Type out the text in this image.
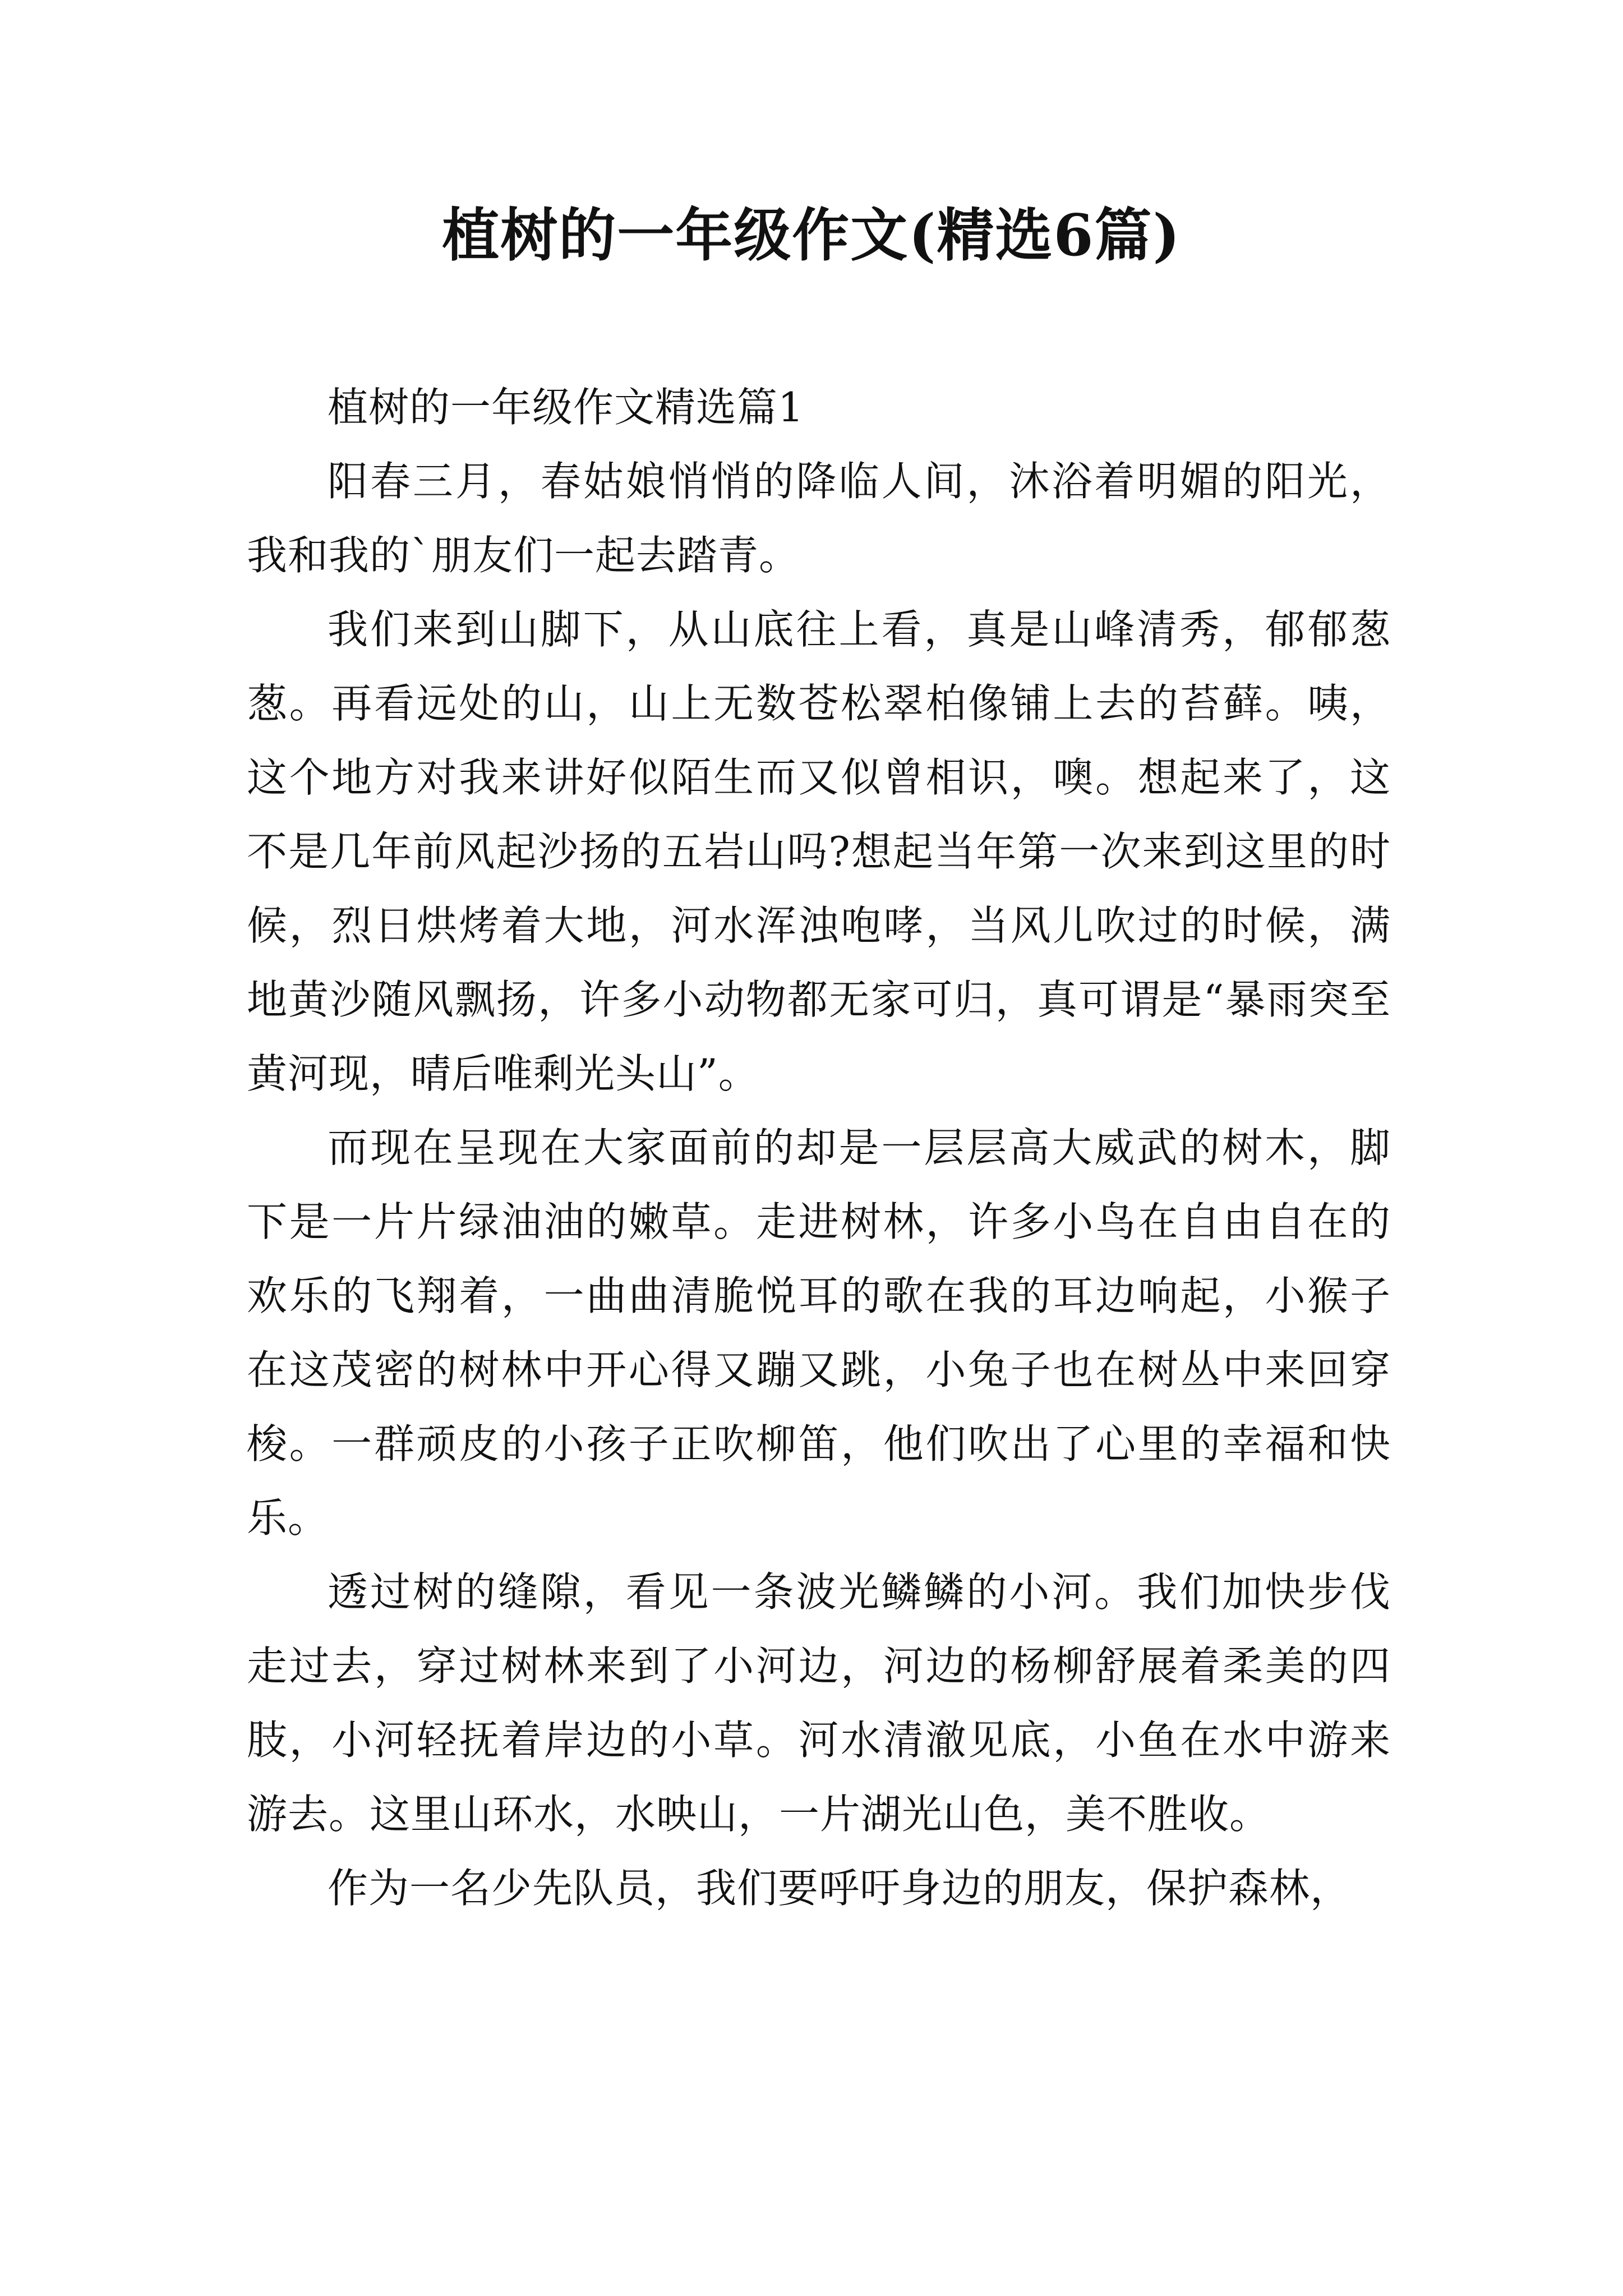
植树的一年级作文(精选6篇)

植树的一年级作文精选篇1

阳春三月，春姑娘悄悄的降临人间，沐浴着明媚的阳光，我和我的`朋友们一起去踏青。

我们来到山脚下，从山底往上看，真是山峰清秀，郁郁葱葱。再看远处的山，山上无数苍松翠柏像铺上去的苔藓。咦，这个地方对我来讲好似陌生而又似曾相识，噢。想起来了，这不是几年前风起沙扬的五岩山吗?想起当年第一次来到这里的时候，烈日烘烤着大地，河水浑浊咆哮，当风儿吹过的时候，满地黄沙随风飘扬，许多小动物都无家可归，真可谓是“暴雨突至黄河现，晴后唯剩光头山”。

而现在呈现在大家面前的却是一层层高大威武的树木，脚下是一片片绿油油的嫩草。走进树林，许多小鸟在自由自在的欢乐的飞翔着，一曲曲清脆悦耳的歌在我的耳边响起，小猴子在这茂密的树林中开心得又蹦又跳，小兔子也在树丛中来回穿梭。一群顽皮的小孩子正吹柳笛，他们吹出了心里的幸福和快乐。

透过树的缝隙，看见一条波光鳞鳞的小河。我们加快步伐走过去，穿过树林来到了小河边，河边的杨柳舒展着柔美的四肢，小河轻抚着岸边的小草。河水清澈见底，小鱼在水中游来游去。这里山环水，水映山，一片湖光山色，美不胜收。

作为一名少先队员，我们要呼吁身边的朋友，保护森林，
